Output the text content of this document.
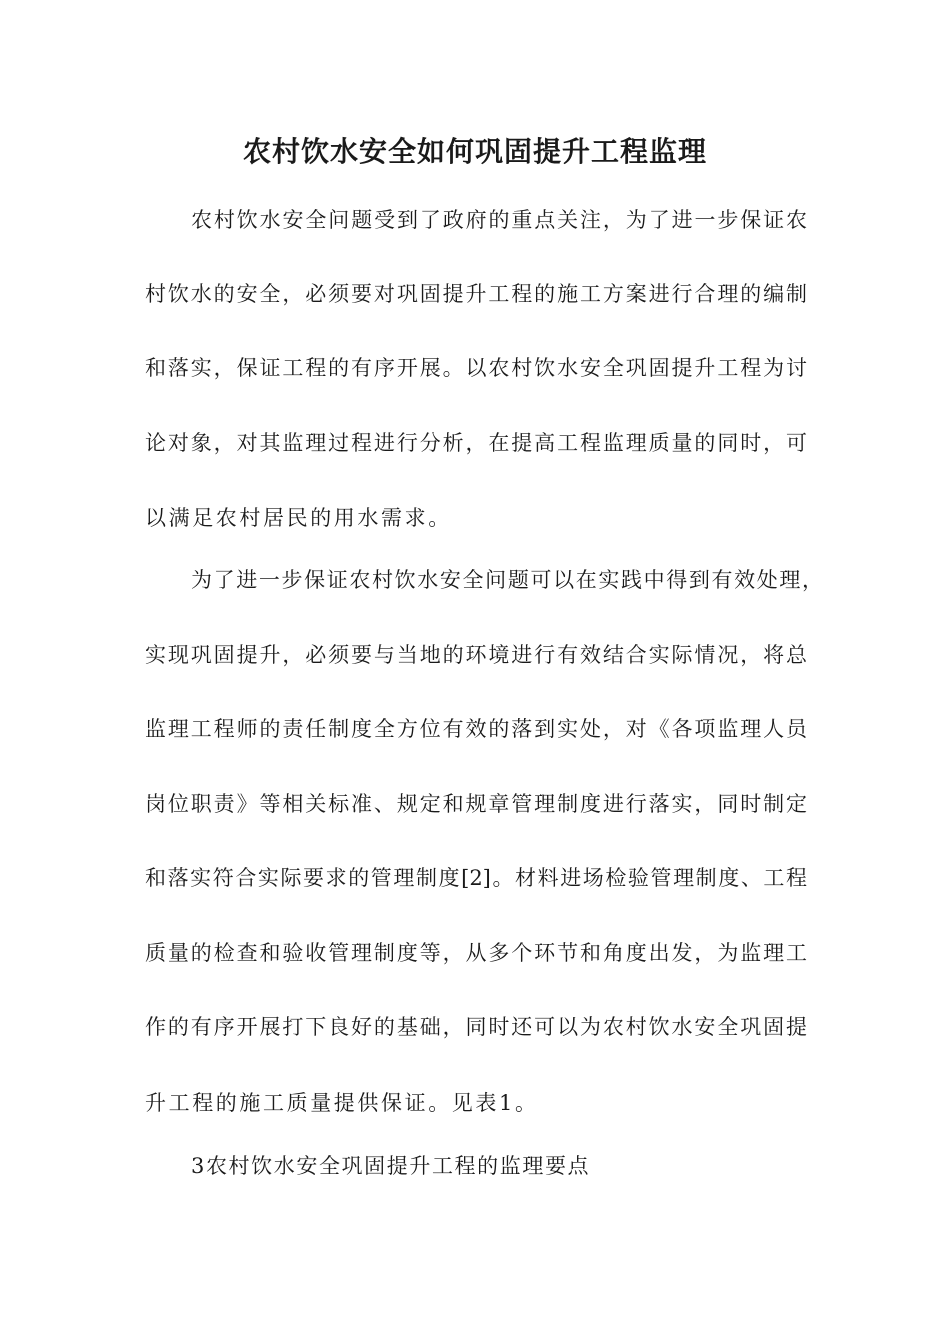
农村饮水安全如何巩固提升工程监理
农村饮水安全问题受到了政府的重点关注，为了进一步保证农
村饮水的安全，必须要对巩固提升工程的施工方案进行合理的编制
和落实，保证工程的有序开展。以农村饮水安全巩固提升工程为讨
论对象，对其监理过程进行分析，在提高工程监理质量的同时，可
以满足农村居民的用水需求。
为了进一步保证农村饮水安全问题可以在实践中得到有效处理，
实现巩固提升，必须要与当地的环境进行有效结合实际情况，将总
监理工程师的责任制度全方位有效的落到实处，对《各项监理人员
岗位职责》等相关标准、规定和规章管理制度进行落实，同时制定
和落实符合实际要求的管理制度[2]。材料进场检验管理制度、工程
质量的检查和验收管理制度等，从多个环节和角度出发，为监理工
作的有序开展打下良好的基础，同时还可以为农村饮水安全巩固提
升工程的施工质量提供保证。见表1。
3农村饮水安全巩固提升工程的监理要点
